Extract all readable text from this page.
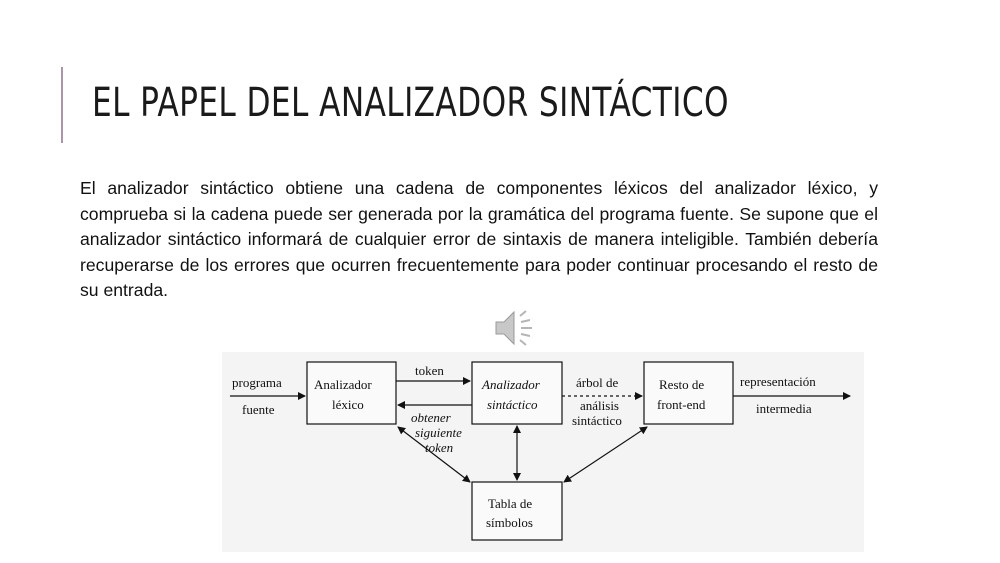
EL PAPEL DEL ANALIZADOR SINTÁCTICO

El analizador sintáctico obtiene una cadena de componentes léxicos del analizador léxico, y comprueba si la cadena puede ser generada por la gramática del programa fuente. Se supone que el analizador sintáctico informará de cualquier error de sintaxis de manera inteligible. También debería recuperarse de los errores que ocurren frecuentemente para poder continuar procesando el resto de su entrada.

programa
fuente
Analizador
léxico
token
obtener
siguiente
token
Analizador
sintáctico
árbol de
análisis
sintáctico
Resto de
front-end
representación
intermedia
Tabla de
símbolos
